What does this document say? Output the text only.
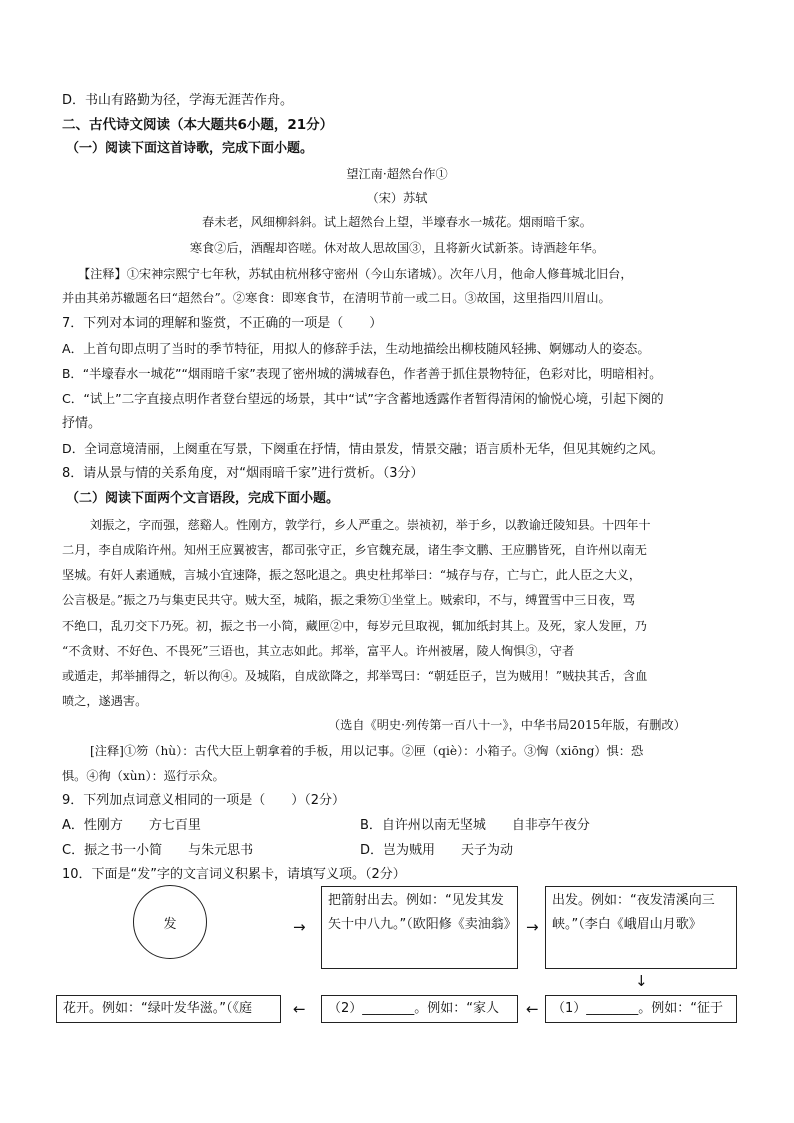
D．书山有路勤为径，学海无涯苦作舟。
二、古代诗文阅读（本大题共6小题，21分）
（一）阅读下面这首诗歌，完成下面小题。
望江南·超然台作①
（宋）苏轼
春未老，风细柳斜斜。试上超然台上望，半壕春水一城花。烟雨暗千家。
寒食②后，酒醒却咨嗟。休对故人思故国③，且将新火试新茶。诗酒趁年华。
【注释】①宋神宗熙宁七年秋，苏轼由杭州移守密州（今山东诸城）。次年八月，他命人修葺城北旧台，
并由其弟苏辙题名曰“超然台”。②寒食：即寒食节，在清明节前一或二日。③故国，这里指四川眉山。
7．下列对本词的理解和鉴赏，不正确的一项是（　　）
A．上首句即点明了当时的季节特征，用拟人的修辞手法，生动地描绘出柳枝随风轻拂、婀娜动人的姿态。
B．“半壕春水一城花”“烟雨暗千家”表现了密州城的满城春色，作者善于抓住景物特征，色彩对比，明暗相衬。
C．“试上”二字直接点明作者登台望远的场景，其中“试”字含蓄地透露作者暂得清闲的愉悦心境，引起下阕的
抒情。
D．全词意境清丽，上阕重在写景，下阕重在抒情，情由景发，情景交融；语言质朴无华，但见其婉约之风。
8．请从景与情的关系角度，对“烟雨暗千家”进行赏析。（3分）
（二）阅读下面两个文言语段，完成下面小题。
刘振之，字而强，慈谿人。性刚方，敦学行，乡人严重之。崇祯初，举于乡，以教谕迁陵知县。十四年十
二月，李自成陷许州。知州王应翼被害，都司张守正，乡官魏充晟，诸生李文鹏、王应鹏皆死，自许州以南无
坚城。有奸人素通贼，言城小宜速降，振之怒叱退之。典史杜邦举曰：“城存与存，亡与亡，此人臣之大义，
公言极是。”振之乃与集吏民共守。贼大至，城陷，振之秉笏①坐堂上。贼索印，不与，缚置雪中三日夜，骂
不绝口，乱刃交下乃死。初，振之书一小简，藏匣②中，每岁元旦取视，辄加纸封其上。及死，家人发匣，乃
“不贪财、不好色、不畏死”三语也，其立志如此。邦举，富平人。许州被屠，陵人恟惧③，守者
或遁走，邦举捕得之，斩以徇④。及城陷，自成欲降之，邦举骂曰：“朝廷臣子，岂为贼用！”贼抉其舌，含血
喷之，遂遇害。
（选自《明史·列传第一百八十一》，中华书局2015年版，有删改）
[注释]①笏（hù）：古代大臣上朝拿着的手板，用以记事。②匣（qiè）：小箱子。③恟（xiōng）惧：恐
惧。④徇（xùn）：巡行示众。
9．下列加点词意义相同的一项是（　　）（2分）
A．性刚方　　方七百里	B．自许州以南无坚城　　自非亭午夜分
C．振之书一小简　　与朱元思书	D．岂为贼用　　天子为动
10．下面是“发”字的文言词义积累卡，请填写义项。（2分）
发	→
把箭射出去。例如：“见发其发矢十中八九。”（欧阳修《卖油翁》 →
出发。例如：“夜发清溪向三峡。”（李白《峨眉山月歌》
↓
（1）________。例如：“征于
←
（2）________。例如：“家人
←
花开。例如：“绿叶发华滋。”（《庭
